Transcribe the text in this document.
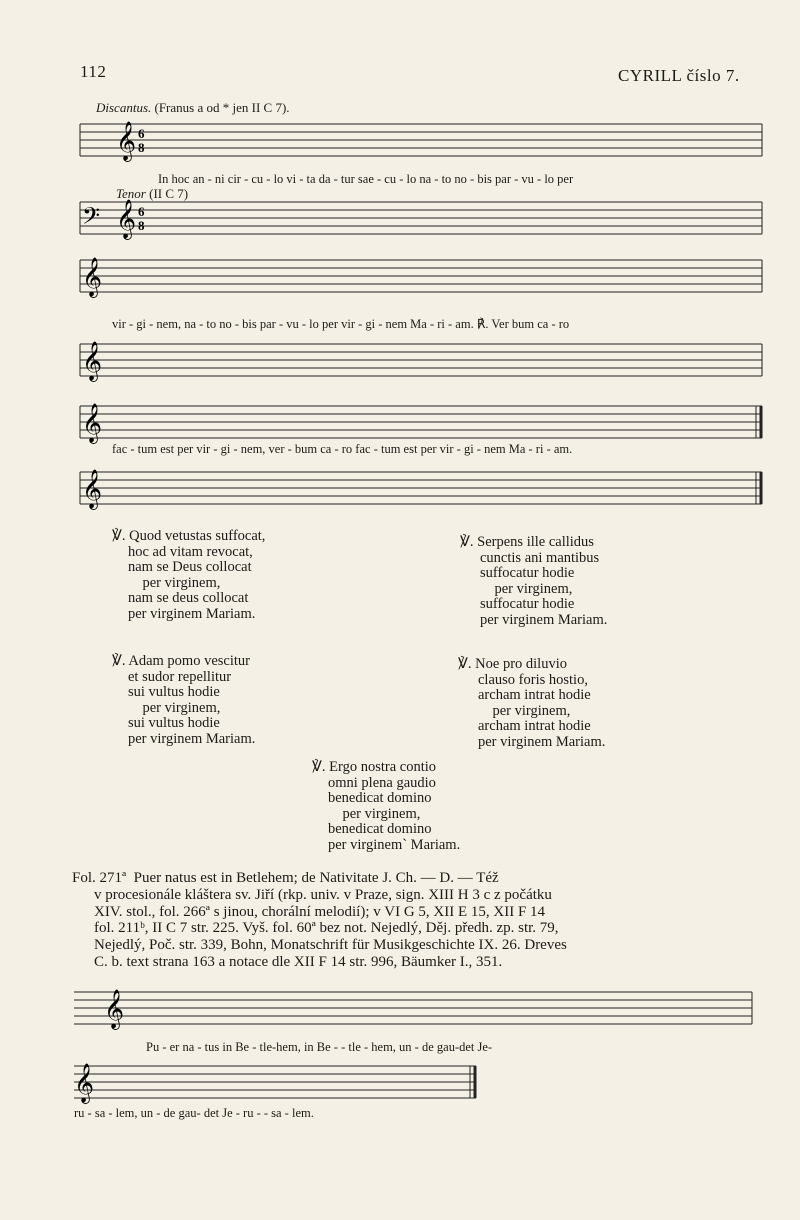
112	CYRILL číslo 7.
Discantus. (Franus a od * jen II C 7).
𝄞 6
8
In hoc an - ni cir - cu - lo vi - ta da - tur sae - cu - lo na - to no - bis par - vu - lo per
Tenor (II C 7)
𝄢 𝄞 6
8
𝄞
vir - gi - nem, na - to no - bis par - vu - lo per vir - gi - nem Ma - ri - am. ℟. Ver bum ca - ro
𝄞
𝄞
fac - tum est per vir - gi - nem, ver - bum ca - ro fac - tum est per vir - gi - nem Ma - ri - am.
𝄞
℣. Quod vetustas suffocat,
hoc ad vitam revocat,
nam se Deus collocat
per virginem,
nam se deus collocat
per virginem Mariam.
℣. Serpens ille callidus
cunctis ani mantibus
suffocatur hodie
per virginem,
suffocatur hodie
per virginem Mariam.
℣. Adam pomo vescitur
et sudor repellitur
sui vultus hodie
per virginem,
sui vultus hodie
per virginem Mariam.
℣. Noe pro diluvio
clauso foris hostio,
archam intrat hodie
per virginem,
archam intrat hodie
per virginem Mariam.
℣. Ergo nostra contio
omni plena gaudio
benedicat domino
per virginem,
benedicat domino
per virginem` Mariam.
Fol. 271ª  Puer natus est in Betlehem; de Nativitate J. Ch. — D. — Též
v procesionále kláštera sv. Jiří (rkp. univ. v Praze, sign. XIII H 3 c z počátku
XIV. stol., fol. 266ª s jinou, chorální melodií); v VI G 5, XII E 15, XII F 14
fol. 211ᵇ, II C 7 str. 225. Vyš. fol. 60ª bez not. Nejedlý, Děj. předh. zp. str. 79,
Nejedlý, Poč. str. 339, Bohn, Monatschrift für Musikgeschichte IX. 26. Dreves
C. b. text strana 163 a notace dle XII F 14 str. 996, Bäumker I., 351.
𝄞
Pu - er na - tus in Be - tle-hem, in Be - - tle - hem, un - de gau-det Je-
𝄞
ru - sa - lem, un - de gau- det Je - ru - - sa - lem.
